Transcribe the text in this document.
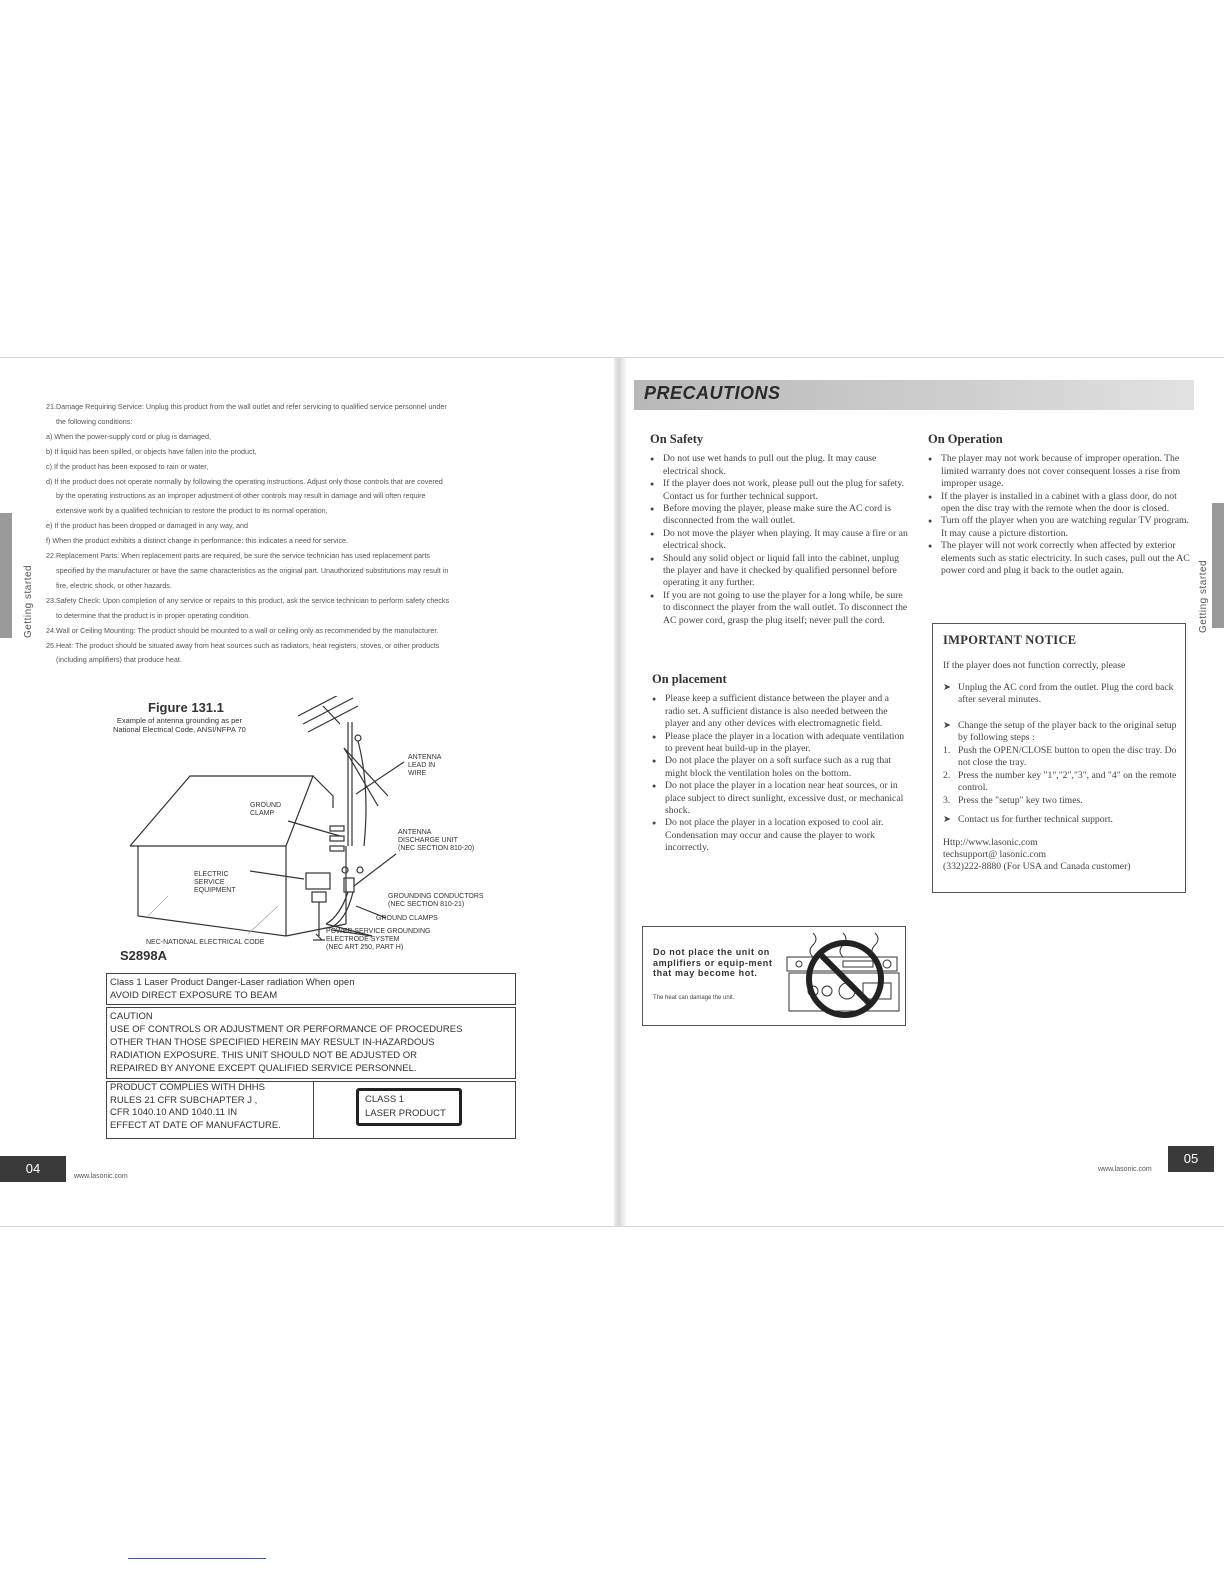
Getting started
21.Damage Requiring Service: Unplug this product from the wall outlet and refer servicing to qualified service personnel under
the following conditions:
a) When the power-supply cord or plug is damaged,
b) If liquid has been spilled, or objects have fallen into the product,
c) If the product has been exposed to rain or water,
d) If the product does not operate normally by following the operating instructions. Adjust only those controls that are covered
by the operating instructions as an improper adjustment of other controls may result in damage and will often require
extensive work by a qualified technician to restore the product to its normal operation,
e) If the product has been dropped or damaged in any way, and
f) When the product exhibits a distinct change in performance: this indicates a need for service.
22.Replacement Parts: When replacement parts are required, be sure the service technician has used replacement parts
specified by the manufacturer or have the same characteristics as the original part. Unauthorized substitutions may result in
fire, electric shock, or other hazards.
23.Safety Check: Upon completion of any service or repairs to this product, ask the service technician to perform safety checks
to determine that the product is in proper operating condition.
24.Wall or Ceiling Mounting: The product should be mounted to a wall or ceiling only as recommended by the manufacturer.
25.Heat: The product should be situated away from heat sources such as radiators, heat registers, stoves, or other products
(including amplifiers) that produce heat.
Figure 131.1
Example of antenna grounding as per
National Electrical Code, ANSI/NFPA 70
ANTENNA
LEAD IN
WIRE
GROUND
CLAMP
ANTENNA
DISCHARGE UNIT
(NEC SECTION 810-20)
ELECTRIC
SERVICE
EQUIPMENT
GROUNDING CONDUCTORS
(NEC SECTION 810-21)
GROUND CLAMPS
POWER SERVICE GROUNDING
ELECTRODE SYSTEM
(NEC ART 250, PART H)
NEC-NATIONAL ELECTRICAL CODE
S2898A
Class 1 Laser Product Danger-Laser radiation When open
AVOID DIRECT EXPOSURE TO BEAM
CAUTION
USE OF CONTROLS OR ADJUSTMENT OR PERFORMANCE OF PROCEDURES
OTHER THAN THOSE SPECIFIED HEREIN MAY RESULT IN-HAZARDOUS
RADIATION EXPOSURE. THIS UNIT SHOULD NOT BE ADJUSTED OR
REPAIRED BY ANYONE EXCEPT QUALIFIED SERVICE PERSONNEL.
PRODUCT COMPLIES WITH DHHS
RULES 21 CFR SUBCHAPTER J ,
CFR 1040.10 AND 1040.11 IN
EFFECT AT DATE OF MANUFACTURE.
CLASS 1
LASER PRODUCT
04
www.lasonic.com
PRECAUTIONS
Getting started
On Safety
● Do not use wet hands to pull out the plug. It may cause electrical shock.
● If the player does not work, please pull out the plug for safety. Contact us for further technical support.
● Before moving the player, please make sure the AC cord is disconnected from the wall outlet.
● Do not move the player when playing. It may cause a fire or an electrical shock.
● Should any solid object or liquid fall into the cabinet, unplug the player and have it checked by qualified personnel before operating it any further.
● If you are not going to use the player for a long while, be sure to disconnect the player from the wall outlet. To disconnect the AC power cord, grasp the plug itself; never pull the cord.
On placement
● Please keep a sufficient distance between the player and a radio set. A sufficient distance is also needed between the player and any other devices with electromagnetic field.
● Please place the player in a location with adequate ventilation to prevent heat build-up in the player.
● Do not place the player on a soft surface such as a rug that might block the ventilation holes on the bottom.
● Do not place the player in a location near heat sources, or in place subject to direct sunlight, excessive dust, or mechanical shock.
● Do not place the player in a location exposed to cool air. Condensation may occur and cause the player to work incorrectly.
On Operation
● The player may not work because of improper operation. The limited warranty does not cover consequent losses a rise from improper usage.
● If the player is installed in a cabinet with a glass door, do not open the disc tray with the remote when the door is closed.
● Turn off the player when you are watching regular TV program. It may cause a picture distortion.
● The player will not work correctly when affected by exterior elements such as static electricity. In such cases, pull out the AC power cord and plug it back to the outlet again.
IMPORTANT NOTICE
If the player does not function correctly, please
➤ Unplug the AC cord from the outlet. Plug the cord back after several minutes.
➤ Change the setup of the player back to the original setup by following steps :
1. Push the OPEN/CLOSE button to open the disc tray. Do not close the tray.
2. Press the number key "1","2","3", and "4" on the remote control.
3. Press the "setup" key two times.
➤ Contact us for further technical support.
Http://www.lasonic.com
techsupport@ lasonic.com
(332)222-8880 (For USA and Canada customer)
Do not place the unit on amplifiers or equip-ment that may become hot.
The heat can damage the unit.
www.lasonic.com
05
